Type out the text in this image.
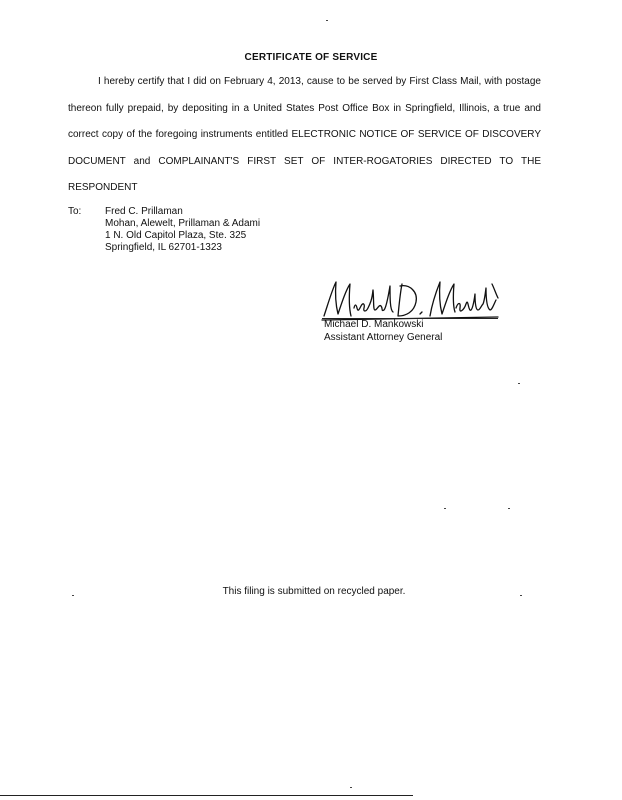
CERTIFICATE OF SERVICE
I hereby certify that I did on February 4, 2013, cause to be served by First Class Mail, with postage thereon fully prepaid, by depositing in a United States Post Office Box in Springfield, Illinois, a true and correct copy of the foregoing instruments entitled ELECTRONIC NOTICE OF SERVICE OF DISCOVERY DOCUMENT and COMPLAINANT'S FIRST SET OF INTER-ROGATORIES DIRECTED TO THE RESPONDENT
To: Fred C. Prillaman
Mohan, Alewelt, Prillaman & Adami
1 N. Old Capitol Plaza, Ste. 325
Springfield, IL 62701-1323
Michael D. Mankowski
Assistant Attorney General
This filing is submitted on recycled paper.
